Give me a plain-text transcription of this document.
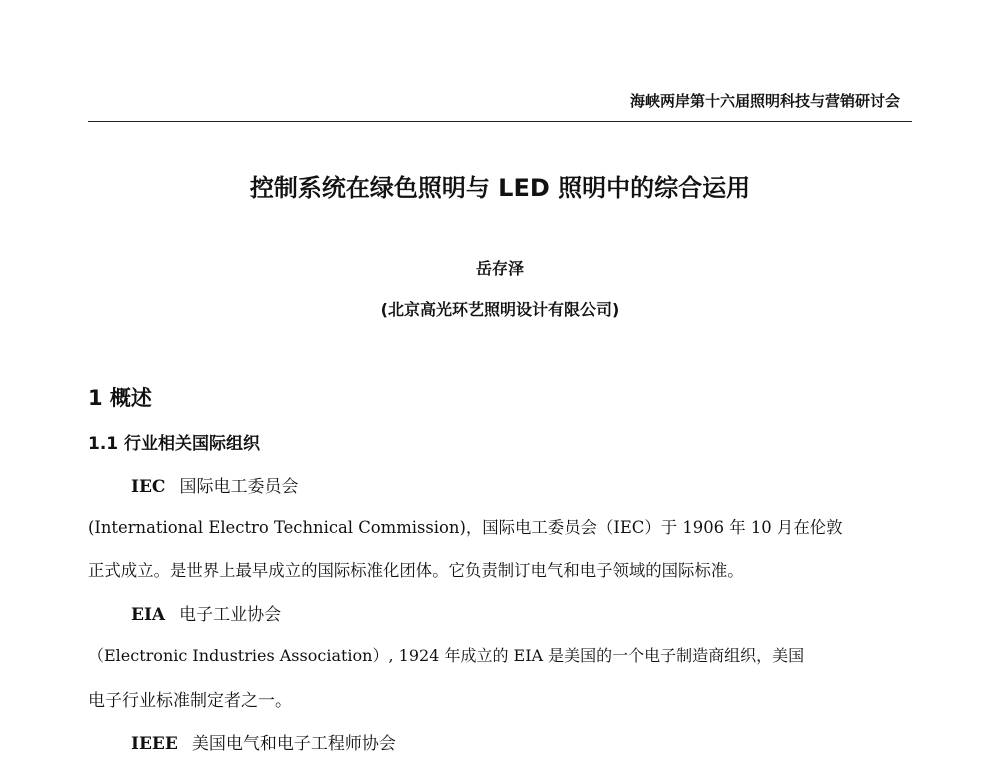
海峡两岸第十六届照明科技与营销研讨会
控制系统在绿色照明与 LED 照明中的综合运用
岳存泽
(北京高光环艺照明设计有限公司)
1 概述
1.1 行业相关国际组织
IEC 国际电工委员会
(International Electro Technical Commission)，国际电工委员会（IEC）于 1906 年 10 月在伦敦
正式成立。是世界上最早成立的国际标准化团体。它负责制订电气和电子领域的国际标准。
EIA 电子工业协会
（Electronic Industries Association）, 1924 年成立的 EIA 是美国的一个电子制造商组织，美国
电子行业标准制定者之一。
IEEE 美国电气和电子工程师协会
